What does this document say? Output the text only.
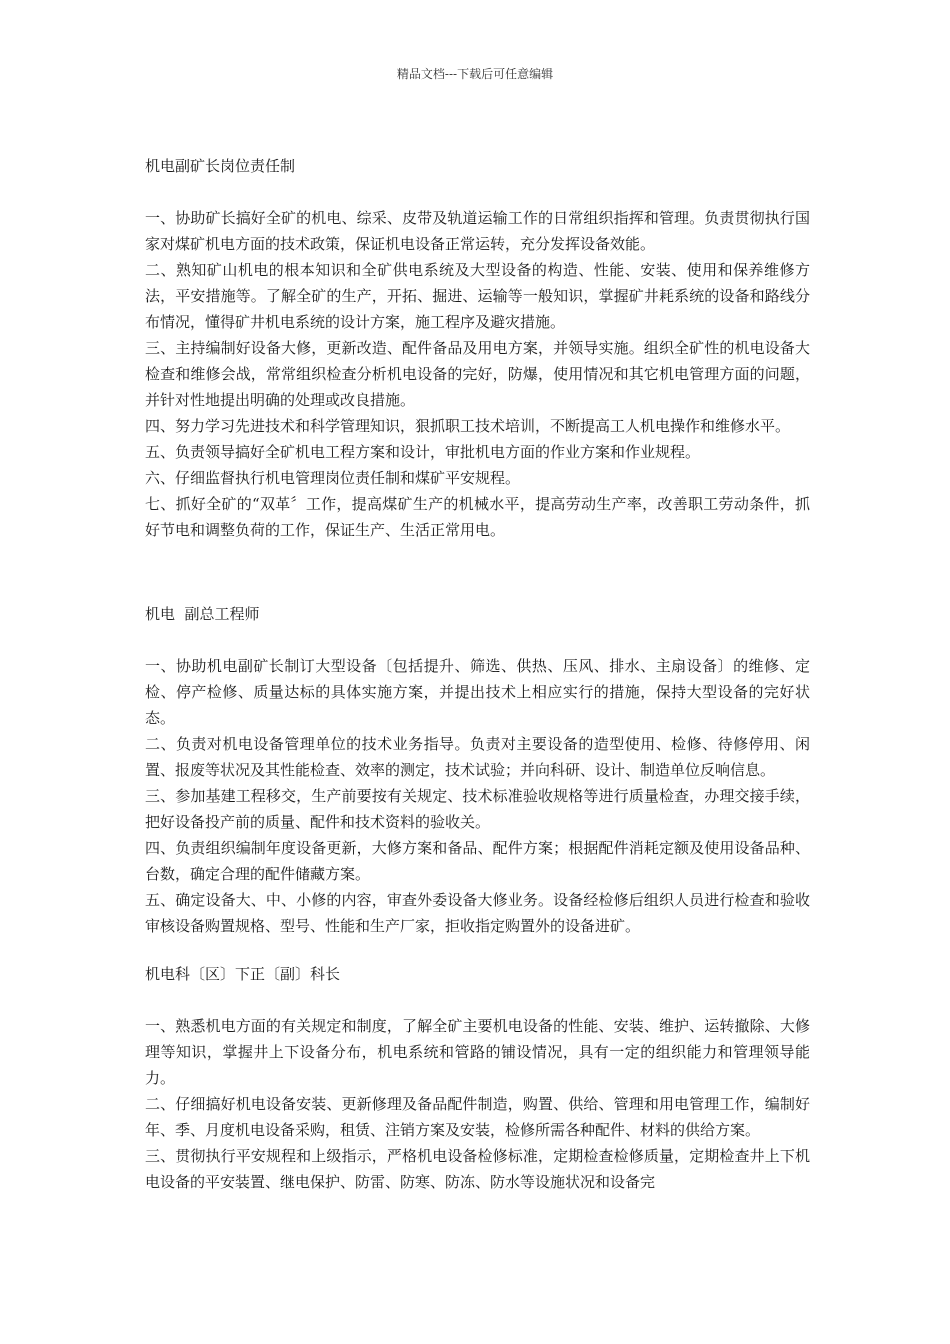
精品文档---下载后可任意编辑
机电副矿长岗位责任制

一、协助矿长搞好全矿的机电、综采、皮带及轨道运输工作的日常组织指挥和管理。负责贯彻执行国家对煤矿机电方面的技术政策，保证机电设备正常运转，充分发挥设备效能。

二、熟知矿山机电的根本知识和全矿供电系统及大型设备的构造、性能、安装、使用和保养维修方法，平安措施等。了解全矿的生产，开拓、掘进、运输等一般知识，掌握矿井耗系统的设备和路线分布情况，懂得矿井机电系统的设计方案，施工程序及避灾措施。

三、主持编制好设备大修，更新改造、配件备品及用电方案，并领导实施。组织全矿性的机电设备大检查和维修会战，常常组织检查分析机电设备的完好，防爆，使用情况和其它机电管理方面的问题，并针对性地提出明确的处理或改良措施。

四、努力学习先进技术和科学管理知识，狠抓职工技术培训，不断提高工人机电操作和维修水平。

五、负责领导搞好全矿机电工程方案和设计，审批机电方面的作业方案和作业规程。

六、仔细监督执行机电管理岗位责任制和煤矿平安规程。

七、抓好全矿的“双革〞工作，提高煤矿生产的机械水平，提高劳动生产率，改善职工劳动条件，抓好节电和调整负荷的工作，保证生产、生活正常用电。

机电  副总工程师

一、协助机电副矿长制订大型设备〔包括提升、筛选、供热、压风、排水、主扇设备〕的维修、定检、停产检修、质量达标的具体实施方案，并提出技术上相应实行的措施，保持大型设备的完好状态。

二、负责对机电设备管理单位的技术业务指导。负责对主要设备的造型使用、检修、待修停用、闲置、报废等状况及其性能检查、效率的测定，技术试验；并向科研、设计、制造单位反响信息。

三、参加基建工程移交，生产前要按有关规定、技术标准验收规格等进行质量检查，办理交接手续，把好设备投产前的质量、配件和技术资料的验收关。

四、负责组织编制年度设备更新，大修方案和备品、配件方案；根据配件消耗定额及使用设备品种、台数，确定合理的配件储藏方案。

五、确定设备大、中、小修的内容，审查外委设备大修业务。设备经检修后组织人员进行检查和验收审核设备购置规格、型号、性能和生产厂家，拒收指定购置外的设备进矿。

机电科〔区〕下正〔副〕科长

一、熟悉机电方面的有关规定和制度，了解全矿主要机电设备的性能、安装、维护、运转撤除、大修理等知识，掌握井上下设备分布，机电系统和管路的铺设情况，具有一定的组织能力和管理领导能力。

二、仔细搞好机电设备安装、更新修理及备品配件制造，购置、供给、管理和用电管理工作，编制好年、季、月度机电设备采购，租赁、注销方案及安装，检修所需各种配件、材料的供给方案。

三、贯彻执行平安规程和上级指示，严格机电设备检修标准，定期检查检修质量，定期检查井上下机电设备的平安装置、继电保护、防雷、防寒、防冻、防水等设施状况和设备完
